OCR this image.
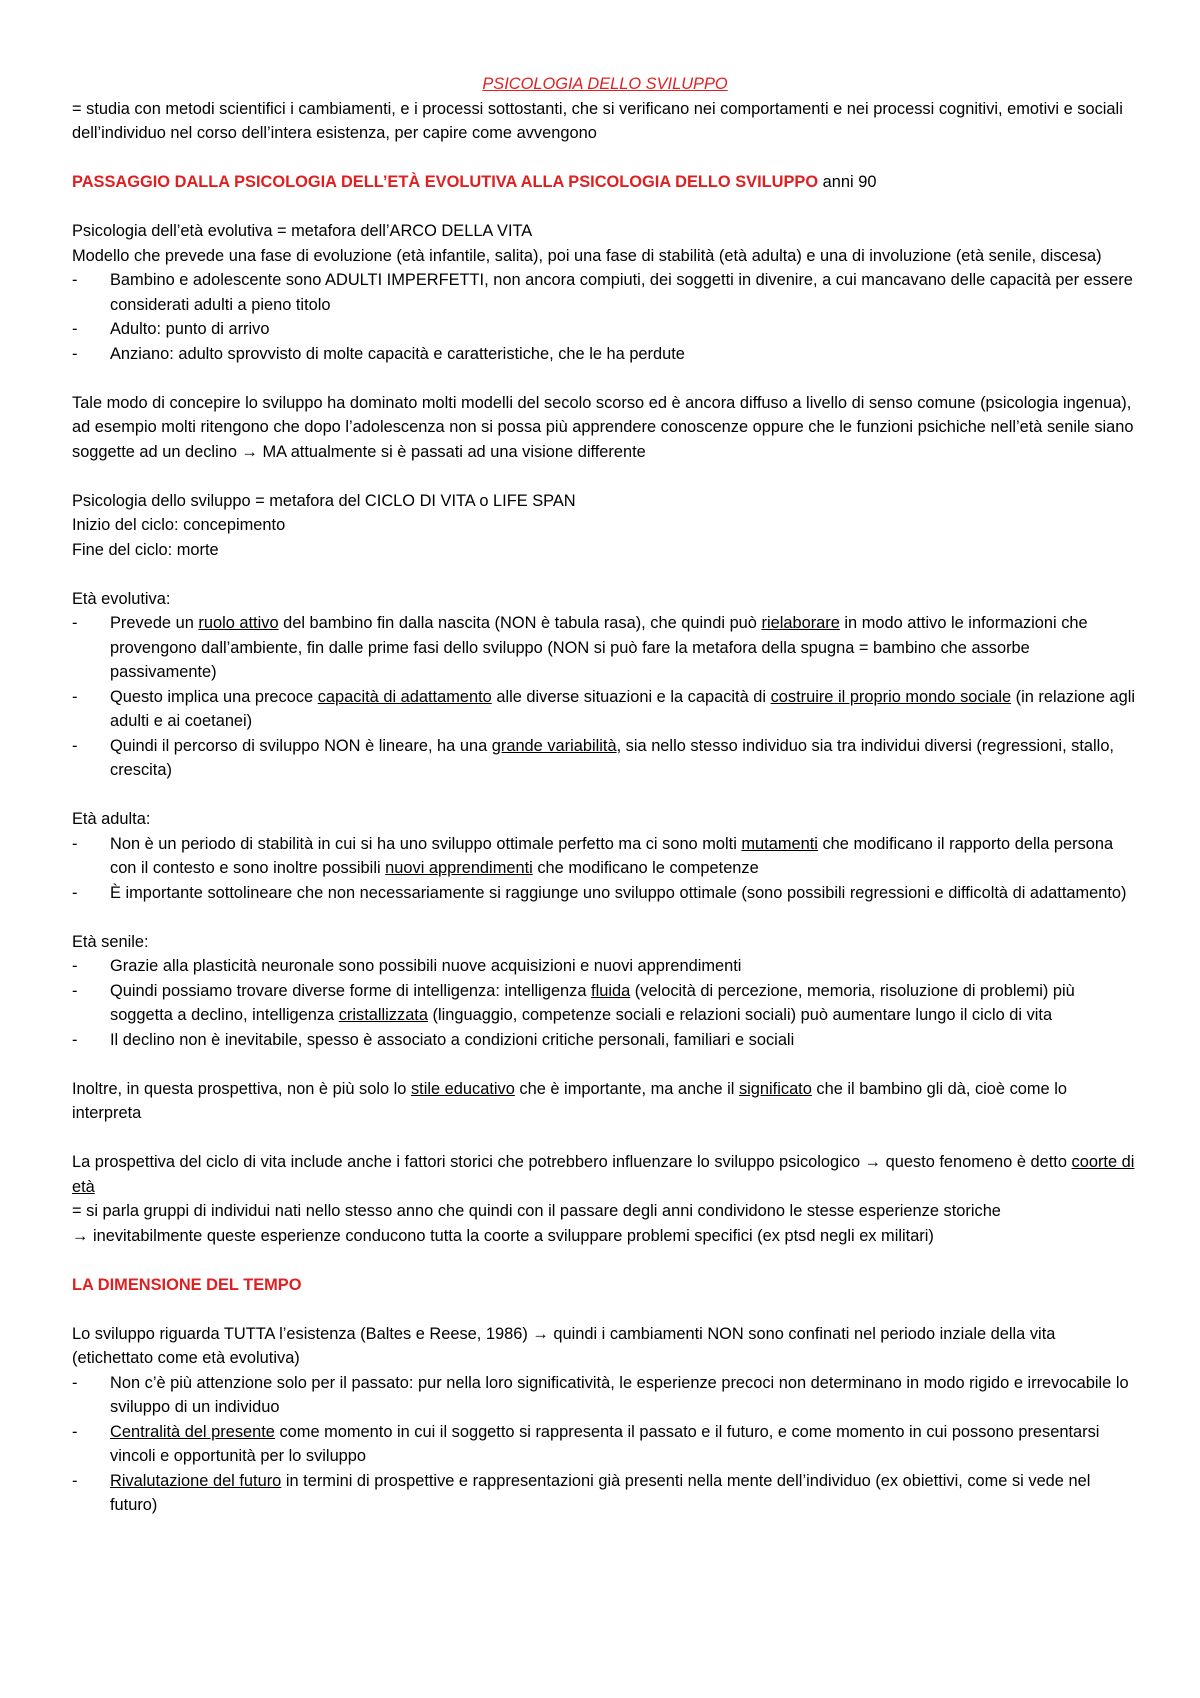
PSICOLOGIA DELLO SVILUPPO

= studia con metodi scientifici i cambiamenti, e i processi sottostanti, che si verificano nei comportamenti e nei processi cognitivi, emotivi e sociali dell’individuo nel corso dell’intera esistenza, per capire come avvengono

PASSAGGIO DALLA PSICOLOGIA DELL’ETÀ EVOLUTIVA ALLA PSICOLOGIA DELLO SVILUPPO anni 90

Psicologia dell’età evolutiva = metafora dell’ARCO DELLA VITA

Modello che prevede una fase di evoluzione (età infantile, salita), poi una fase di stabilità (età adulta) e una di involuzione (età senile, discesa)

- Bambino e adolescente sono ADULTI IMPERFETTI, non ancora compiuti, dei soggetti in divenire, a cui mancavano delle capacità per essere considerati adulti a pieno titolo
- Adulto: punto di arrivo
- Anziano: adulto sprovvisto di molte capacità e caratteristiche, che le ha perdute

Tale modo di concepire lo sviluppo ha dominato molti modelli del secolo scorso ed è ancora diffuso a livello di senso comune (psicologia ingenua), ad esempio molti ritengono che dopo l’adolescenza non si possa più apprendere conoscenze oppure che le funzioni psichiche nell’età senile siano soggette ad un declino → MA attualmente si è passati ad una visione differente

Psicologia dello sviluppo = metafora del CICLO DI VITA o LIFE SPAN

Inizio del ciclo: concepimento

Fine del ciclo: morte

Età evolutiva:

- Prevede un ruolo attivo del bambino fin dalla nascita (NON è tabula rasa), che quindi può rielaborare in modo attivo le informazioni che provengono dall’ambiente, fin dalle prime fasi dello sviluppo (NON si può fare la metafora della spugna = bambino che assorbe passivamente)
- Questo implica una precoce capacità di adattamento alle diverse situazioni e la capacità di costruire il proprio mondo sociale (in relazione agli adulti e ai coetanei)
- Quindi il percorso di sviluppo NON è lineare, ha una grande variabilità, sia nello stesso individuo sia tra individui diversi (regressioni, stallo, crescita)

Età adulta:

- Non è un periodo di stabilità in cui si ha uno sviluppo ottimale perfetto ma ci sono molti mutamenti che modificano il rapporto della persona con il contesto e sono inoltre possibili nuovi apprendimenti che modificano le competenze
- È importante sottolineare che non necessariamente si raggiunge uno sviluppo ottimale (sono possibili regressioni e difficoltà di adattamento)

Età senile:

- Grazie alla plasticità neuronale sono possibili nuove acquisizioni e nuovi apprendimenti
- Quindi possiamo trovare diverse forme di intelligenza: intelligenza fluida (velocità di percezione, memoria, risoluzione di problemi) più soggetta a declino, intelligenza cristallizzata (linguaggio, competenze sociali e relazioni sociali) può aumentare lungo il ciclo di vita
- Il declino non è inevitabile, spesso è associato a condizioni critiche personali, familiari e sociali

Inoltre, in questa prospettiva, non è più solo lo stile educativo che è importante, ma anche il significato che il bambino gli dà, cioè come lo interpreta

La prospettiva del ciclo di vita include anche i fattori storici che potrebbero influenzare lo sviluppo psicologico → questo fenomeno è detto coorte di età

= si parla gruppi di individui nati nello stesso anno che quindi con il passare degli anni condividono le stesse esperienze storiche

→ inevitabilmente queste esperienze conducono tutta la coorte a sviluppare problemi specifici (ex ptsd negli ex militari)

LA DIMENSIONE DEL TEMPO

Lo sviluppo riguarda TUTTA l’esistenza (Baltes e Reese, 1986) → quindi i cambiamenti NON sono confinati nel periodo inziale della vita (etichettato come età evolutiva)

- Non c’è più attenzione solo per il passato: pur nella loro significatività, le esperienze precoci non determinano in modo rigido e irrevocabile lo sviluppo di un individuo
- Centralità del presente come momento in cui il soggetto si rappresenta il passato e il futuro, e come momento in cui possono presentarsi vincoli e opportunità per lo sviluppo
- Rivalutazione del futuro in termini di prospettive e rappresentazioni già presenti nella mente dell’individuo (ex obiettivi, come si vede nel futuro)
